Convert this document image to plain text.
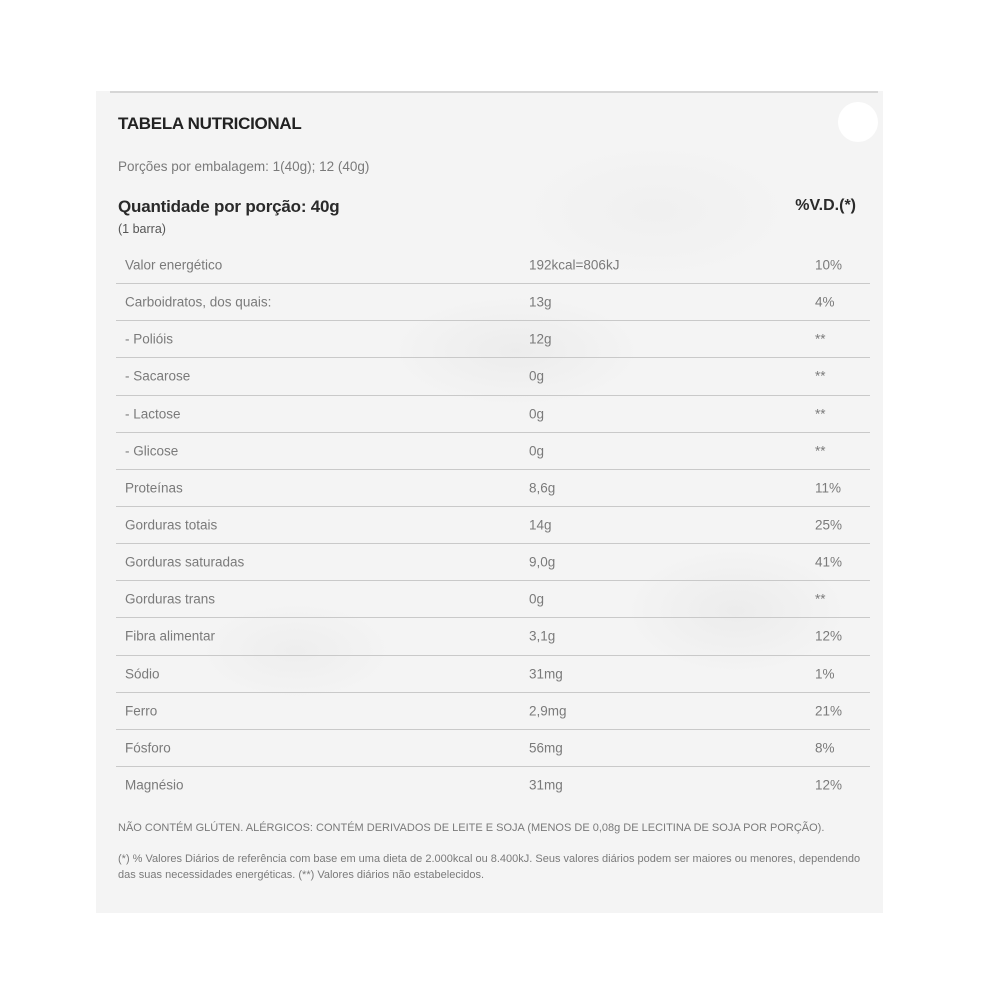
TABELA NUTRICIONAL
Porções por embalagem: 1(40g); 12 (40g)
Quantidade por porção: 40g
(1 barra)
%V.D.(*)
Valor energético	192kcal=806kJ	10%
Carboidratos, dos quais:	13g	4%
- Polióis	12g	**
- Sacarose	0g	**
- Lactose	0g	**
- Glicose	0g	**
Proteínas	8,6g	11%
Gorduras totais	14g	25%
Gorduras saturadas	9,0g	41%
Gorduras trans	0g	**
Fibra alimentar	3,1g	12%
Sódio	31mg	1%
Ferro	2,9mg	21%
Fósforo	56mg	8%
Magnésio	31mg	12%
NÃO CONTÉM GLÚTEN. ALÉRGICOS: CONTÉM DERIVADOS DE LEITE E SOJA (MENOS DE 0,08g DE LECITINA DE SOJA POR PORÇÃO).
(*) % Valores Diários de referência com base em uma dieta de 2.000kcal ou 8.400kJ. Seus valores diários podem ser maiores ou menores, dependendo das suas necessidades energéticas. (**) Valores diários não estabelecidos.
